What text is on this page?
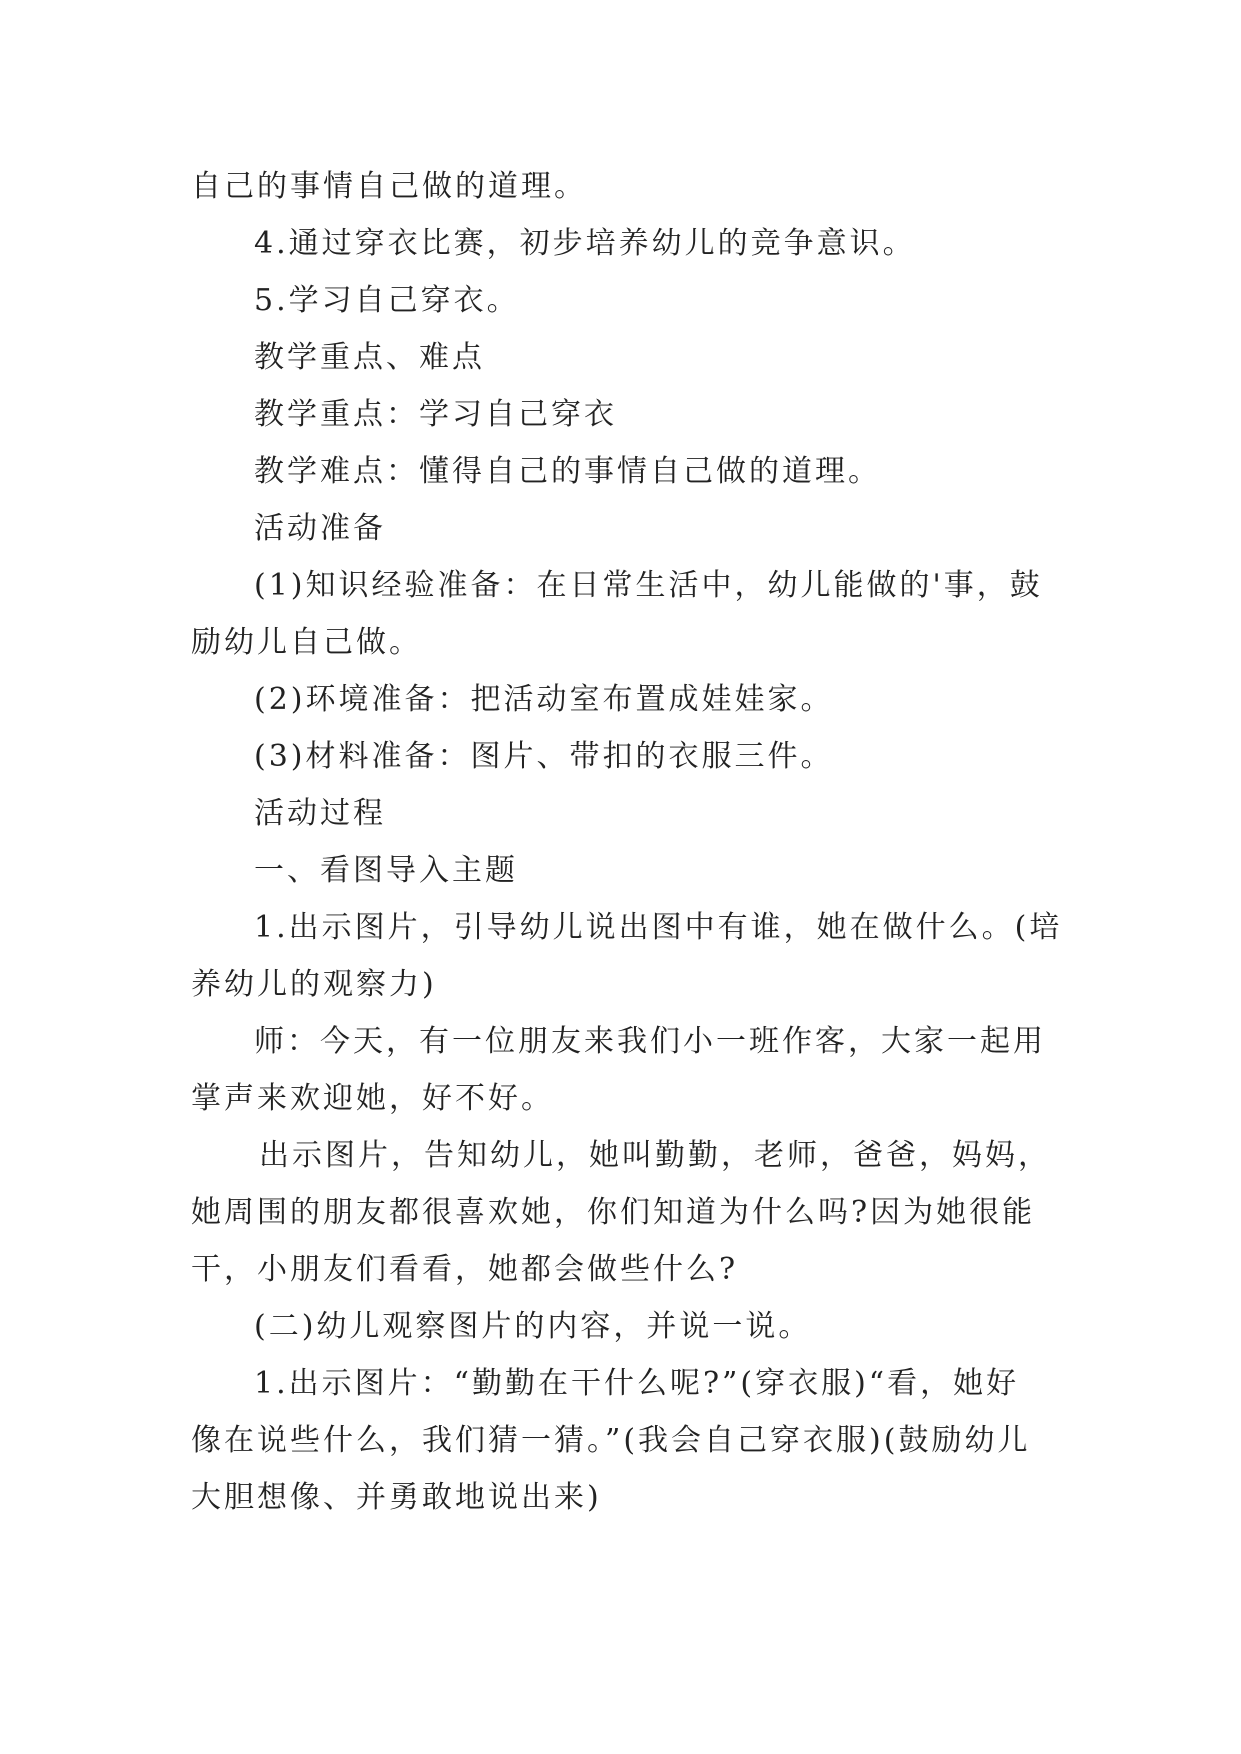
自己的事情自己做的道理。

4.通过穿衣比赛，初步培养幼儿的竞争意识。

5.学习自己穿衣。

教学重点、难点

教学重点：学习自己穿衣

教学难点：懂得自己的事情自己做的道理。

活动准备

(1)知识经验准备：在日常生活中，幼儿能做的'事，鼓

励幼儿自己做。

(2)环境准备：把活动室布置成娃娃家。

(3)材料准备：图片、带扣的衣服三件。

活动过程

一、看图导入主题

1.出示图片，引导幼儿说出图中有谁，她在做什么。(培

养幼儿的观察力)

师：今天，有一位朋友来我们小一班作客，大家一起用

掌声来欢迎她，好不好。

出示图片，告知幼儿，她叫勤勤，老师，爸爸，妈妈，

她周围的朋友都很喜欢她，你们知道为什么吗?因为她很能

干，小朋友们看看，她都会做些什么?

(二)幼儿观察图片的内容，并说一说。

1.出示图片：“勤勤在干什么呢?”(穿衣服)“看，她好

像在说些什么，我们猜一猜。”(我会自己穿衣服)(鼓励幼儿

大胆想像、并勇敢地说出来)
